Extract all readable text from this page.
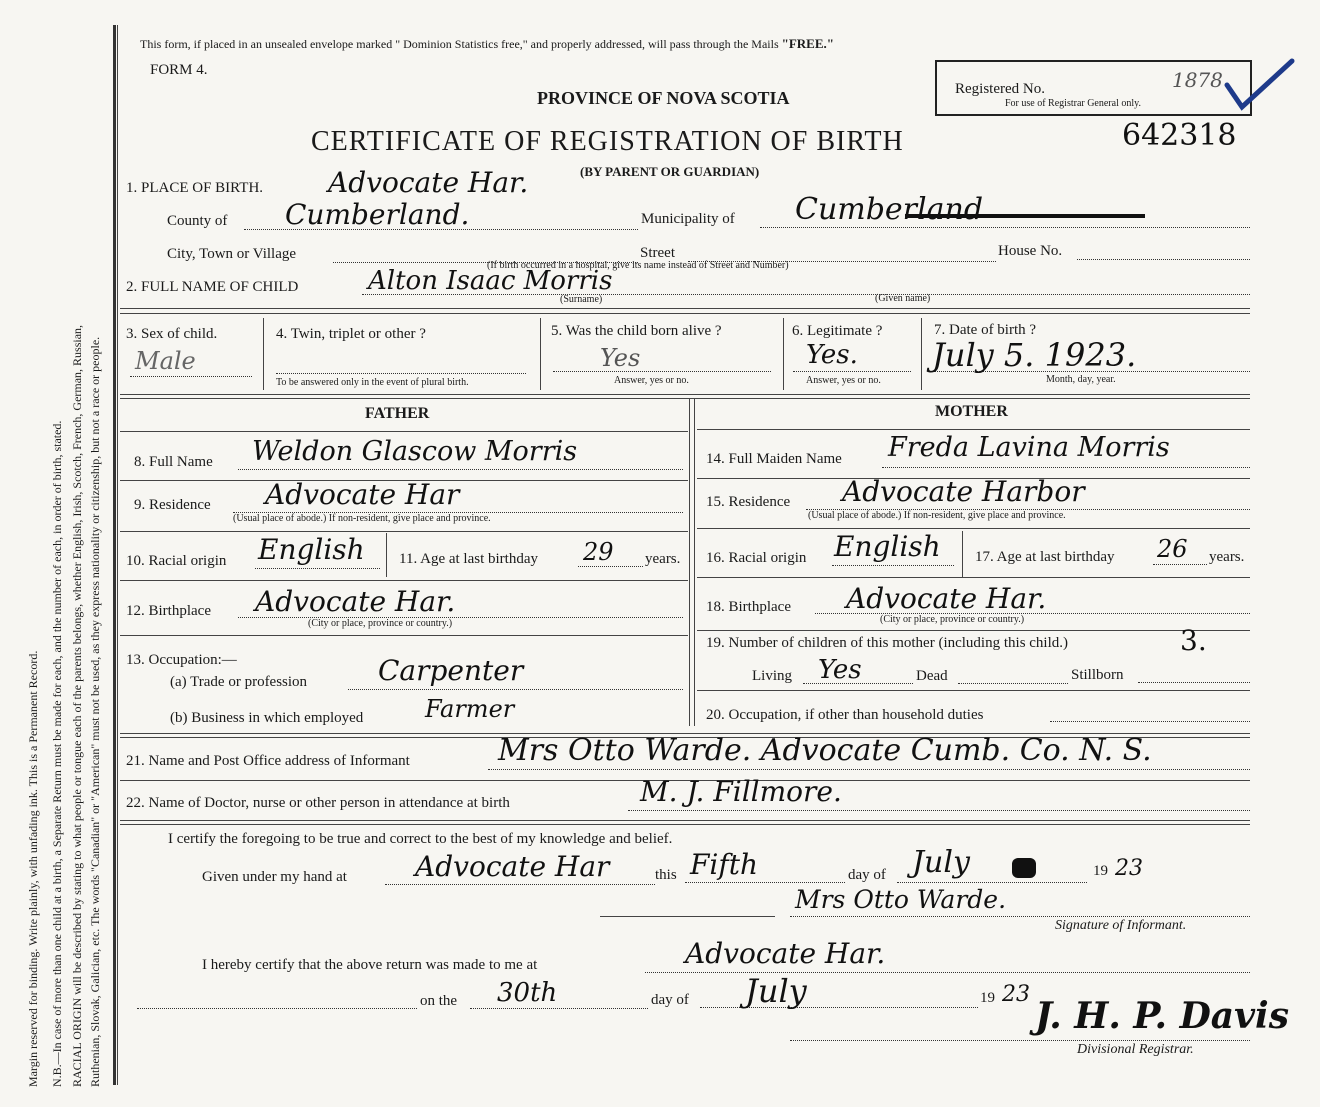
Margin reserved for binding. Write plainly, with unfading ink. This is a Permanent Record. N.B.—In case of more than one child at a birth, a Separate Return must be made for each, and the number of each, in order of birth, stated. RACIAL ORIGIN will be described by stating to what people or tongue each of the parents belongs, whether English, Irish, Scotch, French, German, Russian, Ruthenian, Slovak, Galician, etc. The words "Canadian" or "American" must not be used, as they express nationality or citizenship, but not a race or people.
This form, if placed in an unsealed envelope marked " Dominion Statistics free," and properly addressed, will pass through the Mails "FREE."
FORM 4.
PROVINCE OF NOVA SCOTIA
CERTIFICATE OF REGISTRATION OF BIRTH
(BY PARENT OR GUARDIAN)
Registered No.
For use of Registrar General only.
1878
642318
1. PLACE OF BIRTH. Advocate Har.
County of Cumberland.	Municipality of Cumberland
City, Town or Village	Street	House No.
(If birth occurred in a hospital, give its name instead of Street and Number)
2. FULL NAME OF CHILD	Alton Isaac Morris
(Surname)	(Given name)
3. Sex of child.
Male
4. Twin, triplet or other ?
To be answered only in the event of plural birth.
5. Was the child born alive ?
Yes
Answer, yes or no.
6. Legitimate ?
Yes.
Answer, yes or no.
7. Date of birth ?
July 5. 1923.
Month, day, year.
FATHER	MOTHER
8. Full Name Weldon Glascow Morris	14. Full Maiden Name Freda Lavina Morris
9. Residence Advocate Har
(Usual place of abode.) If non-resident, give place and province.
15. Residence Advocate Harbor
(Usual place of abode.) If non-resident, give place and province.
10. Racial origin English 11. Age at last birthday 29 years. 16. Racial origin English 17. Age at last birthday 26 years.
12. Birthplace Advocate Har.
(City or place, province or country.)
18. Birthplace Advocate Har.
(City or place, province or country.)
13. Occupation:—
(a) Trade or profession	Carpenter
(b) Business in which employed	Farmer
19. Number of children of this mother (including this child.)	3.
Living Yes	Dead	Stillborn
20. Occupation, if other than household duties
21. Name and Post Office address of Informant	Mrs Otto Warde. Advocate Cumb. Co. N. S.
22. Name of Doctor, nurse or other person in attendance at birth	M. J. Fillmore.
I certify the foregoing to be true and correct to the best of my knowledge and belief.
Given under my hand at Advocate Har	this Fifth	day of July	19 23
Mrs Otto Warde.
Signature of Informant.
I hereby certify that the above return was made to me at	Advocate Har.
on the 30th	day of July	19 23
J. H. P. Davis
Divisional Registrar.
